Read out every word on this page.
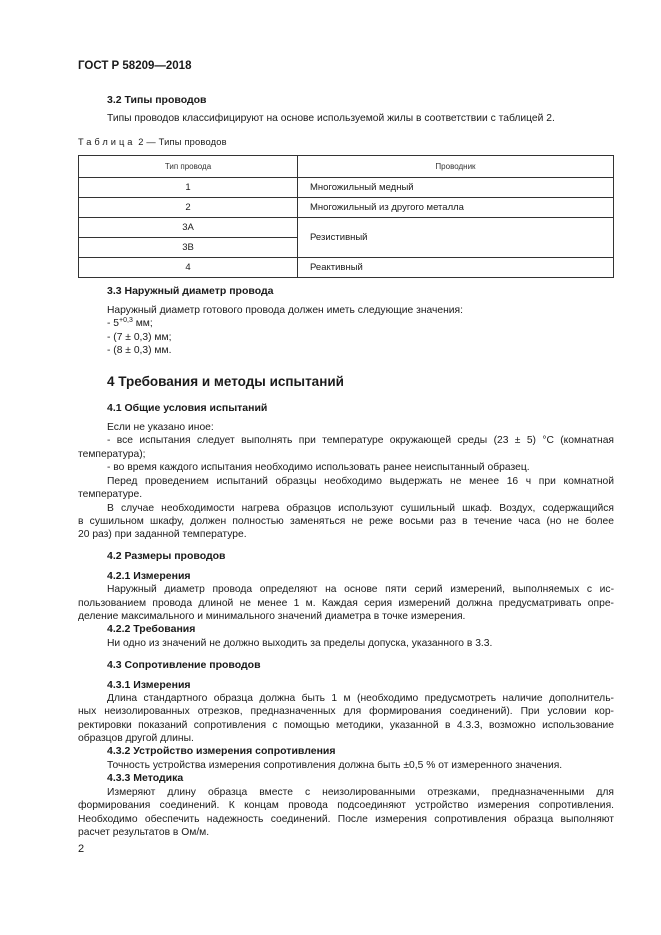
ГОСТ Р 58209—2018
3.2 Типы проводов
Типы проводов классифицируют на основе используемой жилы в соответствии с таблицей 2.
Таблица 2 — Типы проводов
Тип провода	Проводник
1	Многожильный медный
2	Многожильный из другого металла
3A	Резистивный
3B	
4	Реактивный
3.3 Наружный диаметр провода
Наружный диаметр готового провода должен иметь следующие значения:
- $5^{+0,3}$ мм;
- (7 ± 0,3) мм;
- (8 ± 0,3) мм.
4 Требования и методы испытаний
4.1 Общие условия испытаний
Если не указано иное:
- все испытания следует выполнять при температуре окружающей среды (23 ± 5) °С (комнатная
температура);
- во время каждого испытания необходимо использовать ранее неиспытанный образец.
Перед проведением испытаний образцы необходимо выдержать не менее 16 ч при комнатной
температуре.
В случае необходимости нагрева образцов используют сушильный шкаф. Воздух, содержащийся
в сушильном шкафу, должен полностью заменяться не реже восьми раз в течение часа (но не более
20 раз) при заданной температуре.
4.2 Размеры проводов
4.2.1 Измерения
Наружный диаметр провода определяют на основе пяти серий измерений, выполняемых с ис-
пользованием провода длиной не менее 1 м. Каждая серия измерений должна предусматривать опре-
деление максимального и минимального значений диаметра в точке измерения.
4.2.2 Требования
Ни одно из значений не должно выходить за пределы допуска, указанного в 3.3.
4.3 Сопротивление проводов
4.3.1 Измерения
Длина стандартного образца должна быть 1 м (необходимо предусмотреть наличие дополнитель-
ных неизолированных отрезков, предназначенных для формирования соединений). При условии кор-
ректировки показаний сопротивления с помощью методики, указанной в 4.3.3, возможно использование
образцов другой длины.
4.3.2 Устройство измерения сопротивления
Точность устройства измерения сопротивления должна быть ±0,5 % от измеренного значения.
4.3.3 Методика
Измеряют длину образца вместе с неизолированными отрезками, предназначенными для
формирования соединений. К концам провода подсоединяют устройство измерения сопротивления.
Необходимо обеспечить надежность соединений. После измерения сопротивления образца выполняют
расчет результатов в Ом/м.
2
